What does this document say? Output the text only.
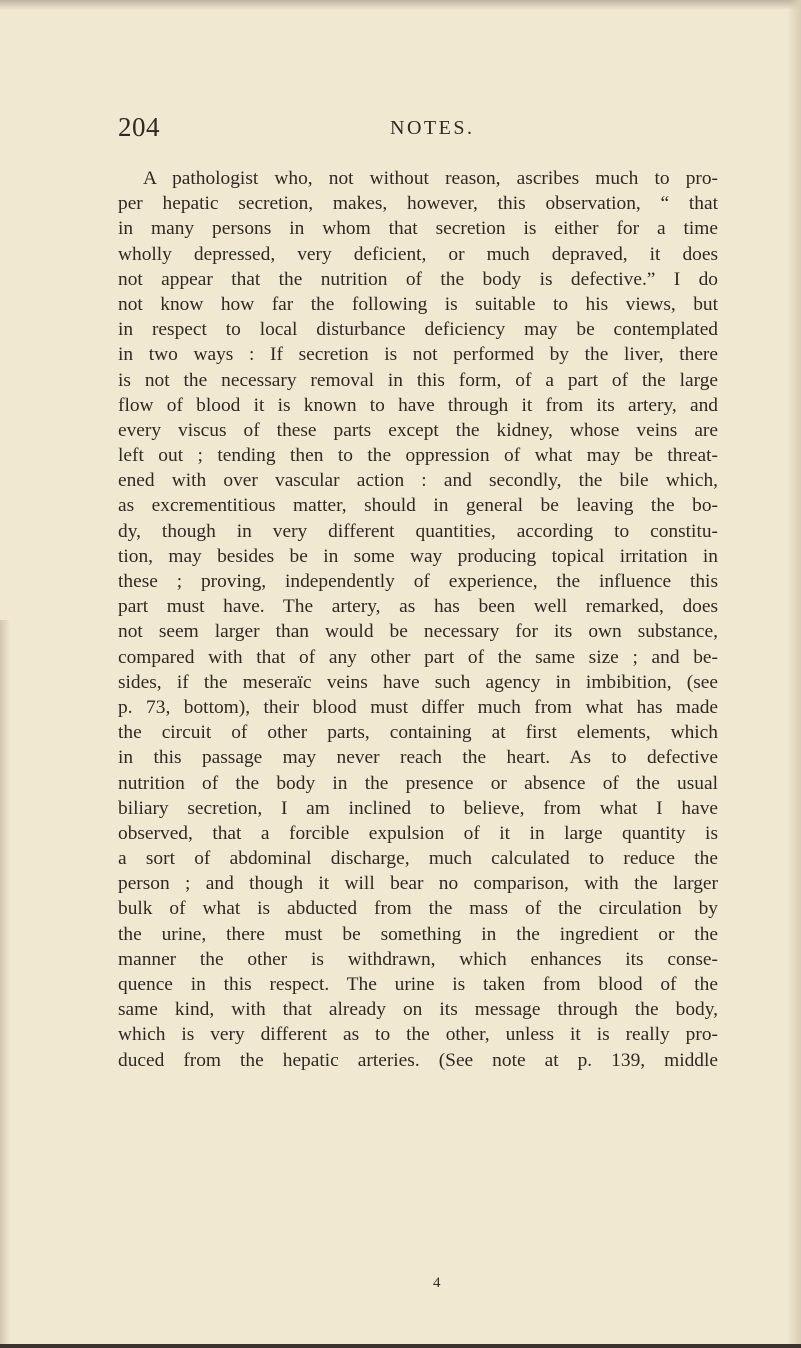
204	NOTES.
A pathologist who, not without reason, ascribes much to pro-
per hepatic secretion, makes, however, this observation, “ that
in many persons in whom that secretion is either for a time
wholly depressed, very deficient, or much depraved, it does
not appear that the nutrition of the body is defective.” I do
not know how far the following is suitable to his views, but
in respect to local disturbance deficiency may be contemplated
in two ways : If secretion is not performed by the liver, there
is not the necessary removal in this form, of a part of the large
flow of blood it is known to have through it from its artery, and
every viscus of these parts except the kidney, whose veins are
left out ; tending then to the oppression of what may be threat-
ened with over vascular action : and secondly, the bile which,
as excrementitious matter, should in general be leaving the bo-
dy, though in very different quantities, according to constitu-
tion, may besides be in some way producing topical irritation in
these ; proving, independently of experience, the influence this
part must have. The artery, as has been well remarked, does
not seem larger than would be necessary for its own substance,
compared with that of any other part of the same size ; and be-
sides, if the meseraïc veins have such agency in imbibition, (see
p. 73, bottom), their blood must differ much from what has made
the circuit of other parts, containing at first elements, which
in this passage may never reach the heart. As to defective
nutrition of the body in the presence or absence of the usual
biliary secretion, I am inclined to believe, from what I have
observed, that a forcible expulsion of it in large quantity is
a sort of abdominal discharge, much calculated to reduce the
person ; and though it will bear no comparison, with the larger
bulk of what is abducted from the mass of the circulation by
the urine, there must be something in the ingredient or the
manner the other is withdrawn, which enhances its conse-
quence in this respect. The urine is taken from blood of the
same kind, with that already on its message through the body,
which is very different as to the other, unless it is really pro-
duced from the hepatic arteries. (See note at p. 139, middle
4
